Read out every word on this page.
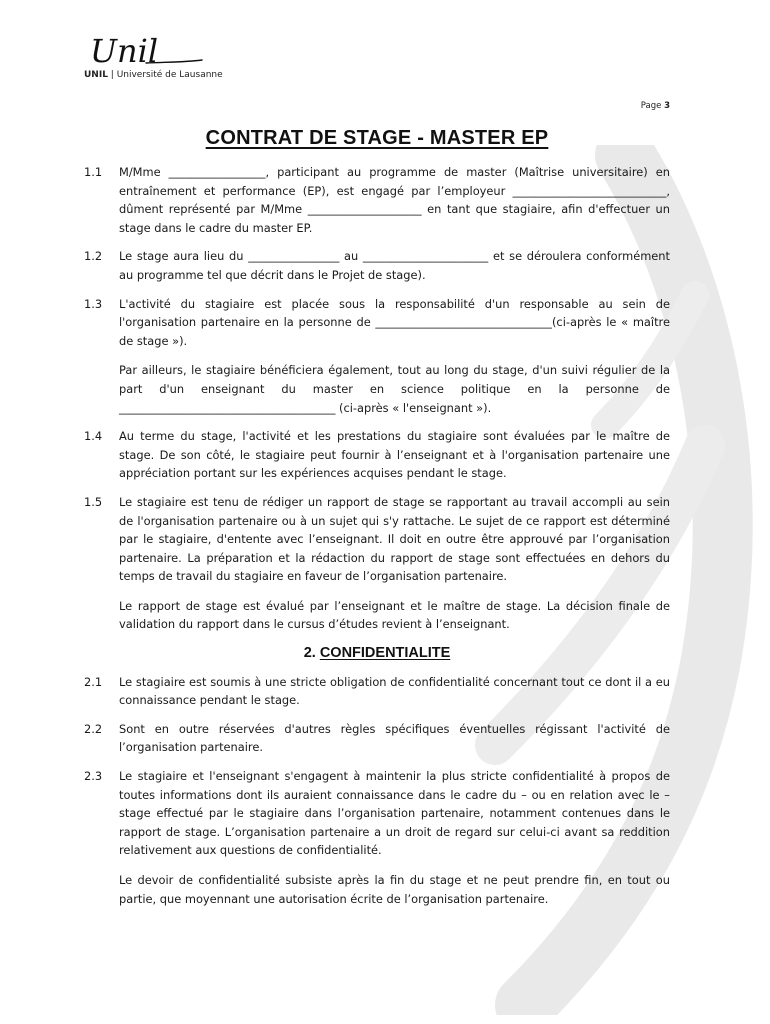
Unil
UNIL | Université de Lausanne
Page 3
CONTRAT DE STAGE - MASTER EP
1.1	M/Mme _________________, participant au programme de master (Maîtrise universitaire) en entraînement et performance (EP), est engagé par l’employeur ___________________________, dûment représenté par M/Mme ____________________ en tant que stagiaire, afin d'effectuer un stage dans le cadre du master EP.

1.2	Le stage aura lieu du ________________ au ______________________ et se déroulera conformément au programme tel que décrit dans le Projet de stage).

1.3	L'activité du stagiaire est placée sous la responsabilité d'un responsable au sein de l'organisation partenaire en la personne de _______________________________(ci-après le « maître de stage »).

Par ailleurs, le stagiaire bénéficiera également, tout au long du stage, d'un suivi régulier de la part d'un enseignant du master en science politique en la personne de ______________________________________ (ci-après « l'enseignant »).

1.4	Au terme du stage, l'activité et les prestations du stagiaire sont évaluées par le maître de stage. De son côté, le stagiaire peut fournir à l’enseignant et à l'organisation partenaire une appréciation portant sur les expériences acquises pendant le stage.

1.5	Le stagiaire est tenu de rédiger un rapport de stage se rapportant au travail accompli au sein de l'organisation partenaire ou à un sujet qui s'y rattache. Le sujet de ce rapport est déterminé par le stagiaire, d'entente avec l’enseignant. Il doit en outre être approuvé par l’organisation partenaire. La préparation et la rédaction du rapport de stage sont effectuées en dehors du temps de travail du stagiaire en faveur de l’organisation partenaire.

Le rapport de stage est évalué par l’enseignant et le maître de stage. La décision finale de validation du rapport dans le cursus d’études revient à l’enseignant.

2. CONFIDENTIALITE
2.1	Le stagiaire est soumis à une stricte obligation de confidentialité concernant tout ce dont il a eu connaissance pendant le stage.

2.2	Sont en outre réservées d'autres règles spécifiques éventuelles régissant l'activité de l’organisation partenaire.

2.3	Le stagiaire et l'enseignant s'engagent à maintenir la plus stricte confidentialité à propos de toutes informations dont ils auraient connaissance dans le cadre du – ou en relation avec le – stage effectué par le stagiaire dans l’organisation partenaire, notamment contenues dans le rapport de stage. L’organisation partenaire a un droit de regard sur celui-ci avant sa reddition relativement aux questions de confidentialité.

Le devoir de confidentialité subsiste après la fin du stage et ne peut prendre fin, en tout ou partie, que moyennant une autorisation écrite de l’organisation partenaire.
